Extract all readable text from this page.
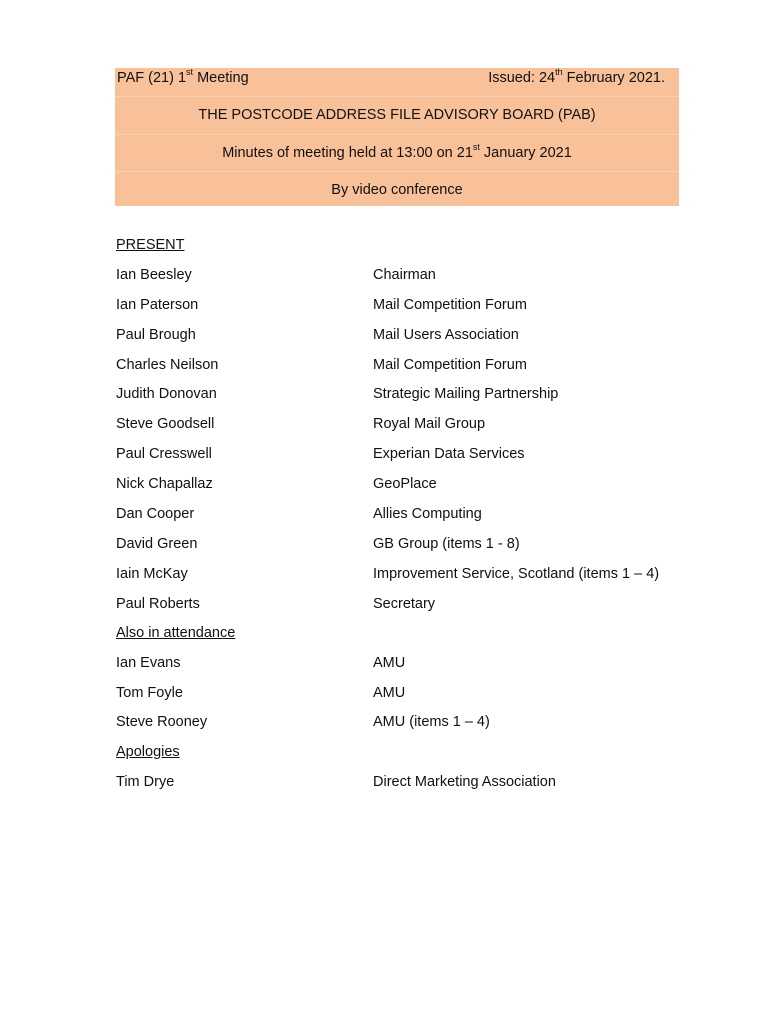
PAF (21) 1st Meeting	Issued: 24th February 2021.
THE POSTCODE ADDRESS FILE ADVISORY BOARD (PAB)
Minutes of meeting held at 13:00 on 21st January 2021
By video conference
PRESENT
Ian Beesley	Chairman
Ian Paterson	Mail Competition Forum
Paul Brough	Mail Users Association
Charles Neilson	Mail Competition Forum
Judith Donovan	Strategic Mailing Partnership
Steve Goodsell	Royal Mail Group
Paul Cresswell	Experian Data Services
Nick Chapallaz	GeoPlace
Dan Cooper	Allies Computing
David Green	GB Group (items 1 - 8)
Iain McKay	Improvement Service, Scotland (items 1 – 4)
Paul Roberts	Secretary
Also in attendance
Ian Evans	AMU
Tom Foyle	AMU
Steve Rooney	AMU (items 1 – 4)
Apologies
Tim Drye	Direct Marketing Association
